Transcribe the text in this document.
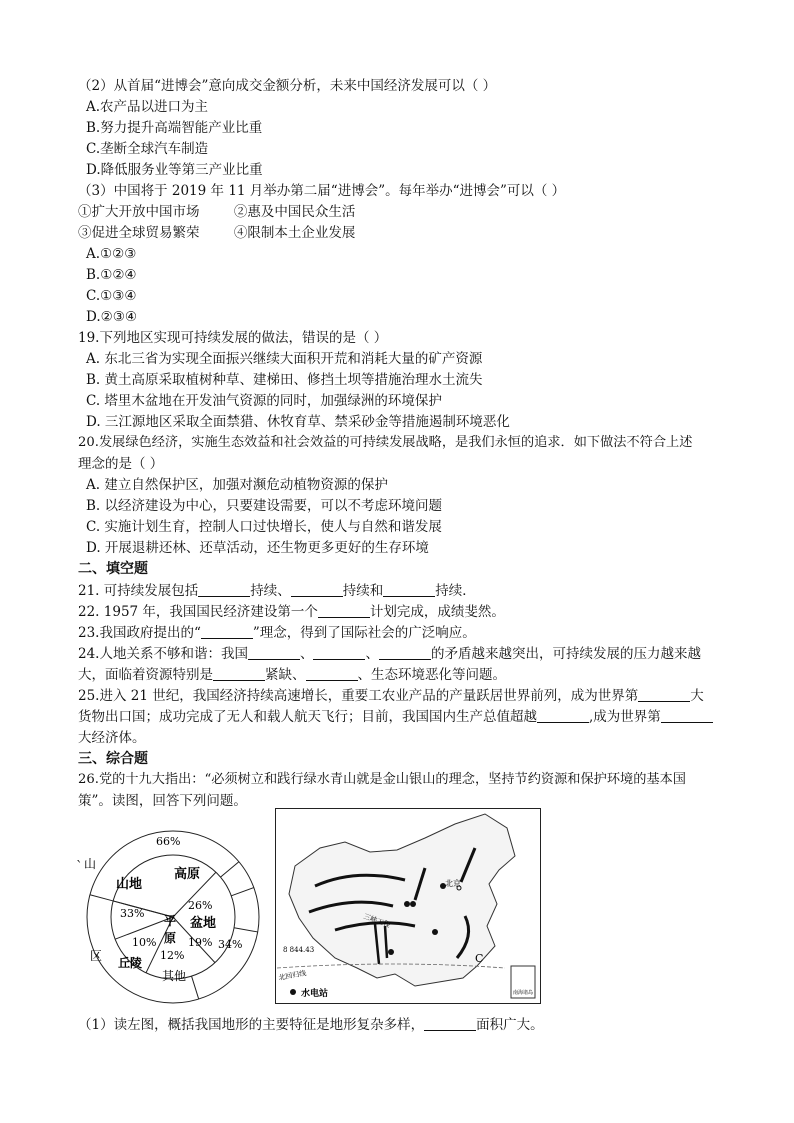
（2）从首届“进博会”意向成交金额分析，未来中国经济发展可以（ ）
A.农产品以进口为主
B.努力提升高端智能产业比重
C.垄断全球汽车制造
D.降低服务业等第三产业比重
（3）中国将于 2019 年 11 月举办第二届“进博会”。每年举办“进博会”可以（ ）
①扩大开放中国市场        ②惠及中国民众生活
③促进全球贸易繁荣        ④限制本土企业发展
A.①②③
B.①②④
C.①③④
D.②③④
19.下列地区实现可持续发展的做法，错误的是（ ）
A. 东北三省为实现全面振兴继续大面积开荒和消耗大量的矿产资源
B. 黄土高原采取植树种草、建梯田、修挡土坝等措施治理水土流失
C. 塔里木盆地在开发油气资源的同时，加强绿洲的环境保护
D. 三江源地区采取全面禁猎、休牧育草、禁采砂金等措施遏制环境恶化
20.发展绿色经济，实施生态效益和社会效益的可持续发展战略，是我们永恒的追求．如下做法不符合上述
理念的是（ ）
A. 建立自然保护区，加强对濒危动植物资源的保护
B. 以经济建设为中心，只要建设需要，可以不考虑环境问题
C. 实施计划生育，控制人口过快增长，使人与自然和谐发展
D. 开展退耕还林、还草活动，还生物更多更好的生存环境
二、填空题
21. 可持续发展包括	持续、	持续和	持续．
22. 1957 年，我国国民经济建设第一个	计划完成，成绩斐然。
23.我国政府提出的“	”理念，得到了国际社会的广泛响应。
24.人地关系不够和谐：我国	、	、	的矛盾越来越突出，可持续发展的压力越来越
大，面临着资源特别是	紧缺、	、生态环境恶化等问题。
25.进入 21 世纪，我国经济持续高速增长，重要工农业产品的产量跃居世界前列，成为世界第	大
货物出口国；成功完成了无人和载人航天飞行；目前，我国国内生产总值超越	,成为世界第
大经济体。
三、综合题
26.党的十九大指出：“必须树立和践行绿水青山就是金山银山的理念，坚持节约资源和保护环境的基本国
策”。读图，回答下列问题。
`
66%
山
区
山地
33%
高原
26%
盆地
19%
平
原
12%
10%
丘陵
其他
34%
北京
三峡工程
8 844.43
北回归线
C
南海诸岛
水电站
（1）读左图，概括我国地形的主要特征是地形复杂多样，	面积广大。
